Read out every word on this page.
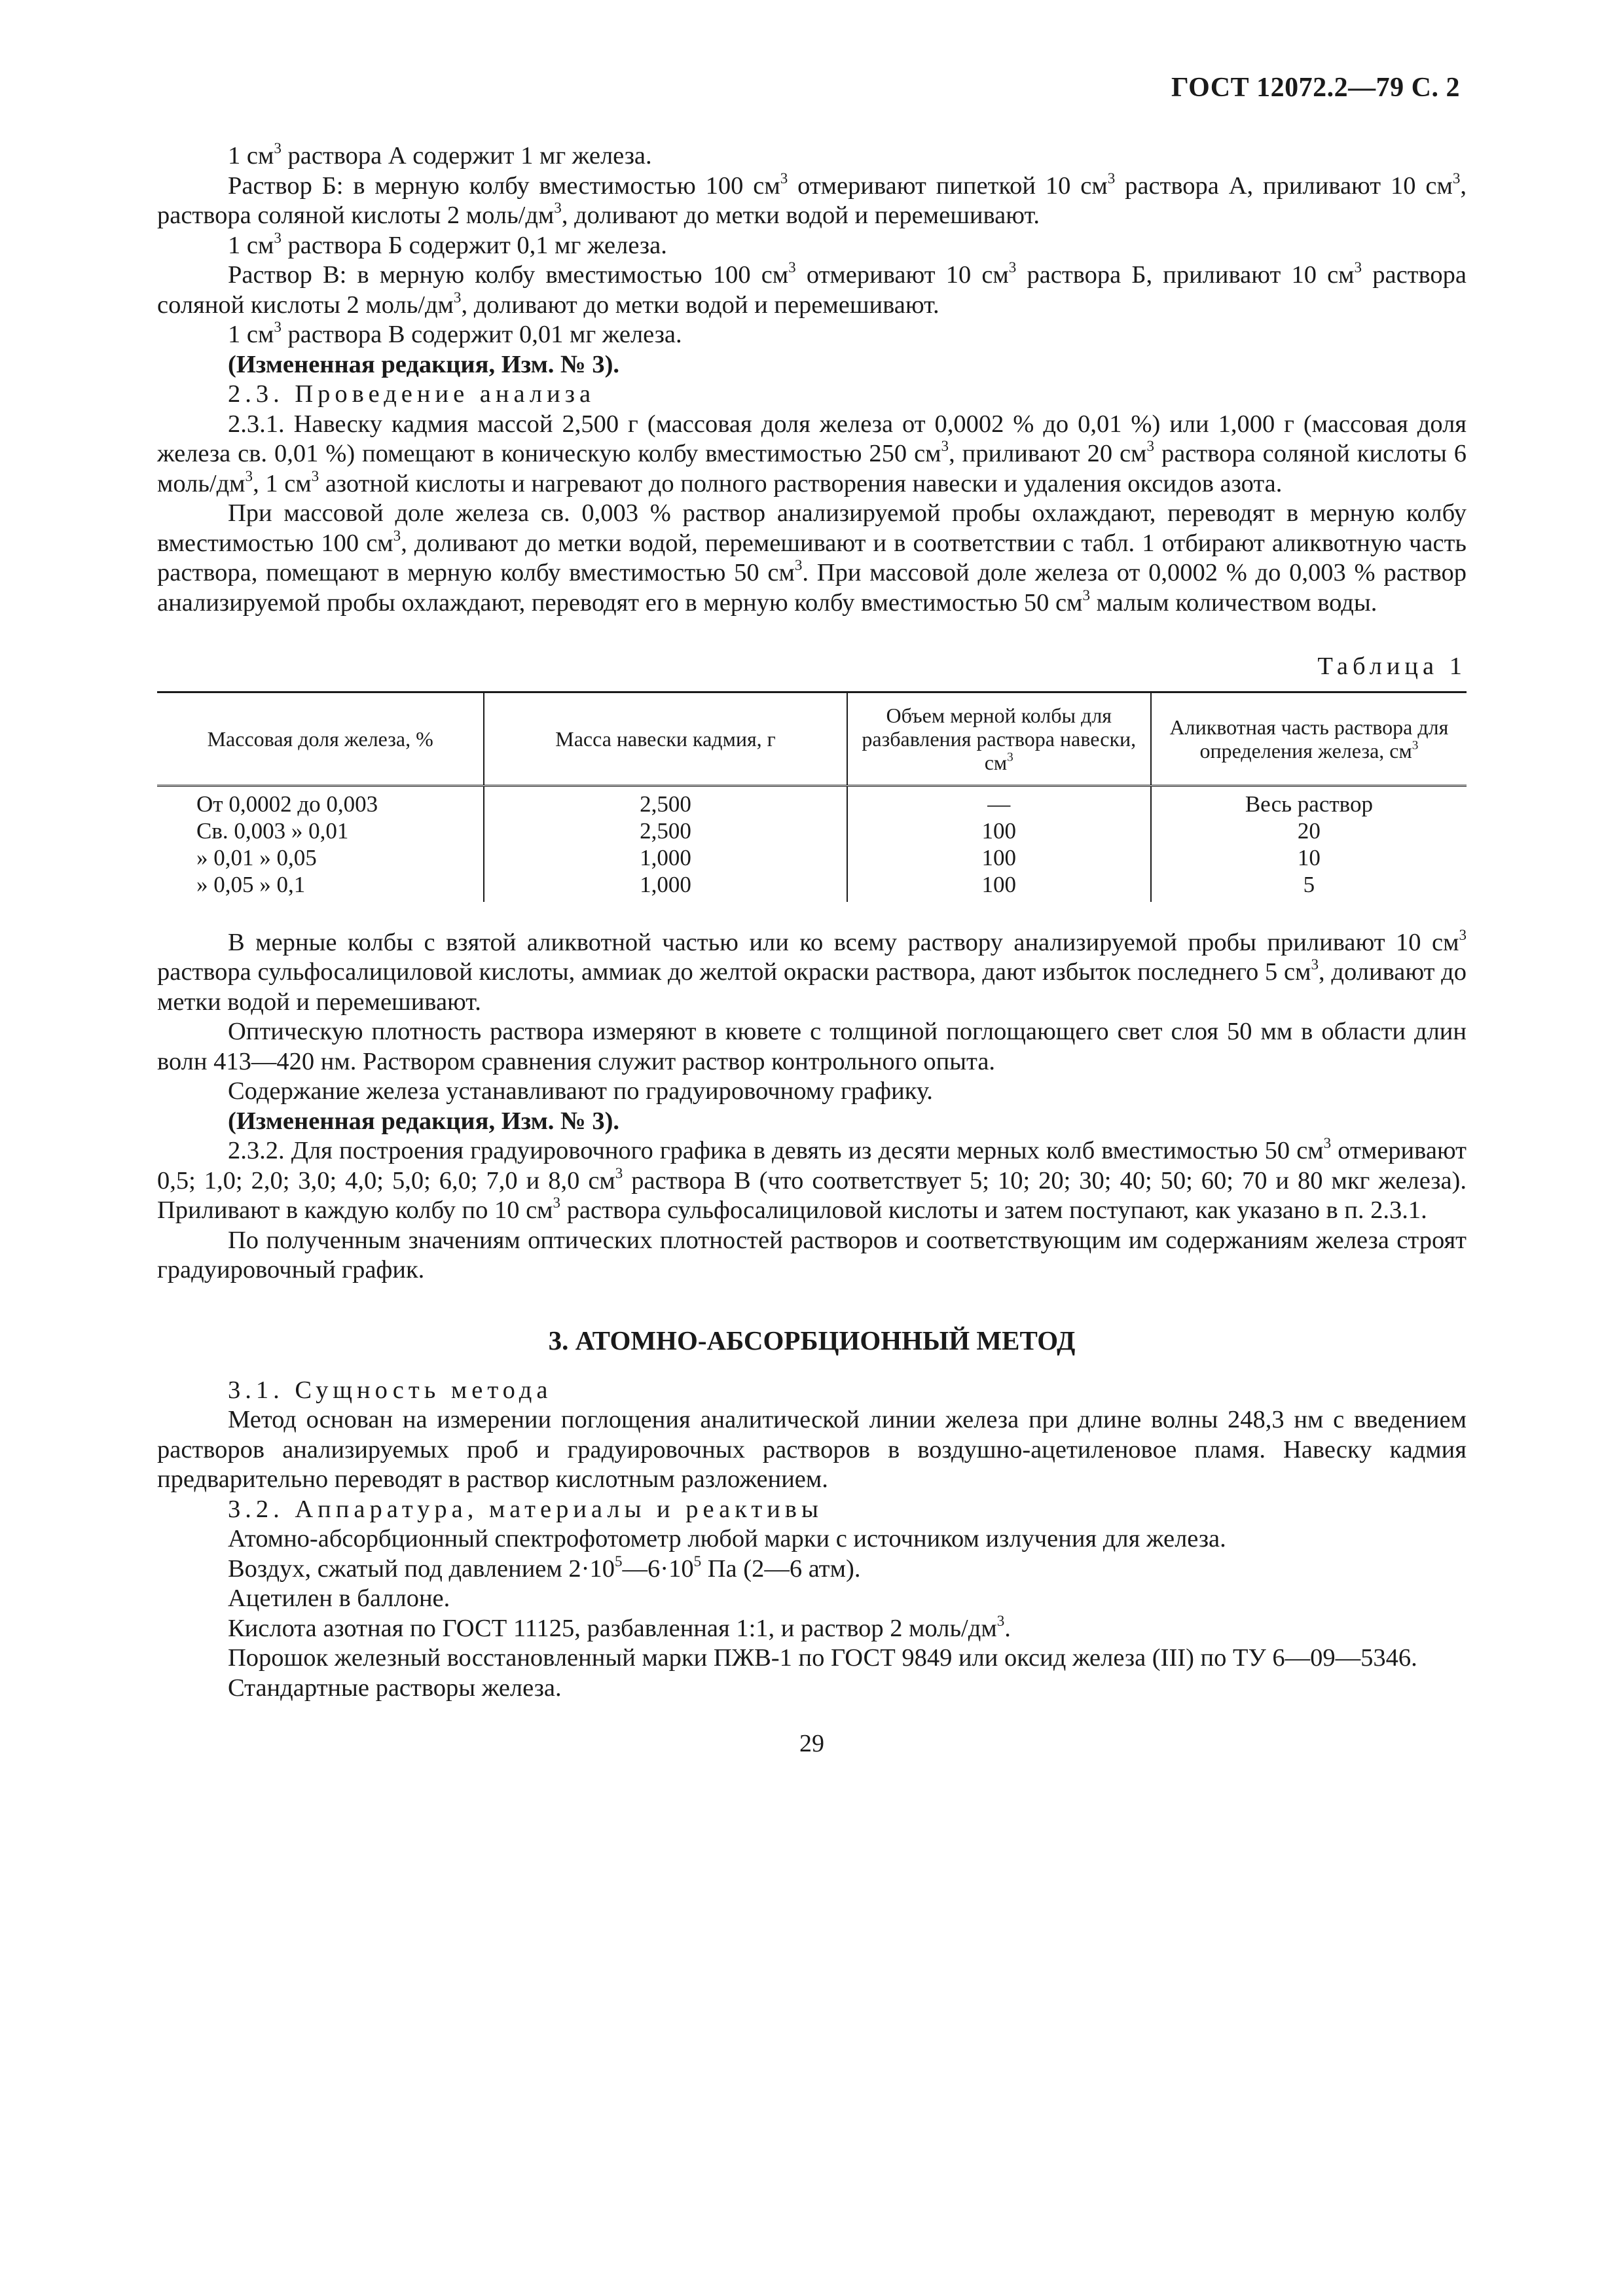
ГОСТ 12072.2—79 С. 2

1 $см^3$ раствора А содержит 1 мг железа.

Раствор Б: в мерную колбу вместимостью 100 $см^3$ отмеривают пипеткой 10 $см^3$ раствора А, приливают 10 $см^3$, раствора соляной кислоты 2 моль/$дм^3$, доливают до метки водой и перемешивают.

1 $см^3$ раствора Б содержит 0,1 мг железа.

Раствор В: в мерную колбу вместимостью 100 $см^3$ отмеривают 10 $см^3$ раствора Б, приливают 10 $см^3$ раствора соляной кислоты 2 моль/$дм^3$, доливают до метки водой и перемешивают.

1 $см^3$ раствора В содержит 0,01 мг железа.

(Измененная редакция, Изм. № 3).

2.3. Проведение анализа

2.3.1. Навеску кадмия массой 2,500 г (массовая доля железа от 0,0002 % до 0,01 %) или 1,000 г (массовая доля железа св. 0,01 %) помещают в коническую колбу вместимостью 250 $см^3$, приливают 20 $см^3$ раствора соляной кислоты 6 моль/$дм^3$, 1 $см^3$ азотной кислоты и нагревают до полного растворения навески и удаления оксидов азота.

При массовой доле железа св. 0,003 % раствор анализируемой пробы охлаждают, переводят в мерную колбу вместимостью 100 $см^3$, доливают до метки водой, перемешивают и в соответствии с табл. 1 отбирают аликвотную часть раствора, помещают в мерную колбу вместимостью 50 $см^3$. При массовой доле железа от 0,0002 % до 0,003 % раствор анализируемой пробы охлаждают, переводят его в мерную колбу вместимостью 50 $см^3$ малым количеством воды.

Таблица 1
Массовая доля железа, %	Масса навески кадмия, г	Объем мерной колбы для разбавления раствора навески, $см^3$	Аликвотная часть раствора для определения железа, $см^3$
От 0,0002 до 0,003	2,500	—	Весь раствор
Св. 0,003 » 0,01	2,500	100	20
» 0,01 » 0,05	1,000	100	10
» 0,05 » 0,1	1,000	100	5

В мерные колбы с взятой аликвотной частью или ко всему раствору анализируемой пробы приливают 10 $см^3$ раствора сульфосалициловой кислоты, аммиак до желтой окраски раствора, дают избыток последнего 5 $см^3$, доливают до метки водой и перемешивают.

Оптическую плотность раствора измеряют в кювете с толщиной поглощающего свет слоя 50 мм в области длин волн 413—420 нм. Раствором сравнения служит раствор контрольного опыта.

Содержание железа устанавливают по градуировочному графику.

(Измененная редакция, Изм. № 3).

2.3.2. Для построения градуировочного графика в девять из десяти мерных колб вместимостью 50 $см^3$ отмеривают 0,5; 1,0; 2,0; 3,0; 4,0; 5,0; 6,0; 7,0 и 8,0 $см^3$ раствора В (что соответствует 5; 10; 20; 30; 40; 50; 60; 70 и 80 мкг железа). Приливают в каждую колбу по 10 $см^3$ раствора сульфосалициловой кислоты и затем поступают, как указано в п. 2.3.1.

По полученным значениям оптических плотностей растворов и соответствующим им содержаниям железа строят градуировочный график.

3. АТОМНО-АБСОРБЦИОННЫЙ МЕТОД

3.1. Сущность метода

Метод основан на измерении поглощения аналитической линии железа при длине волны 248,3 нм с введением растворов анализируемых проб и градуировочных растворов в воздушно-ацетиленовое пламя. Навеску кадмия предварительно переводят в раствор кислотным разложением.

3.2. Аппаратура, материалы и реактивы

Атомно-абсорбционный спектрофотометр любой марки с источником излучения для железа.

Воздух, сжатый под давлением $2\cdot 10^5—6\cdot 10^5$ Па (2—6 атм).

Ацетилен в баллоне.

Кислота азотная по ГОСТ 11125, разбавленная 1:1, и раствор 2 моль/$дм^3$.

Порошок железный восстановленный марки ПЖВ-1 по ГОСТ 9849 или оксид железа (III) по ТУ 6—09—5346.

Стандартные растворы железа.

29
